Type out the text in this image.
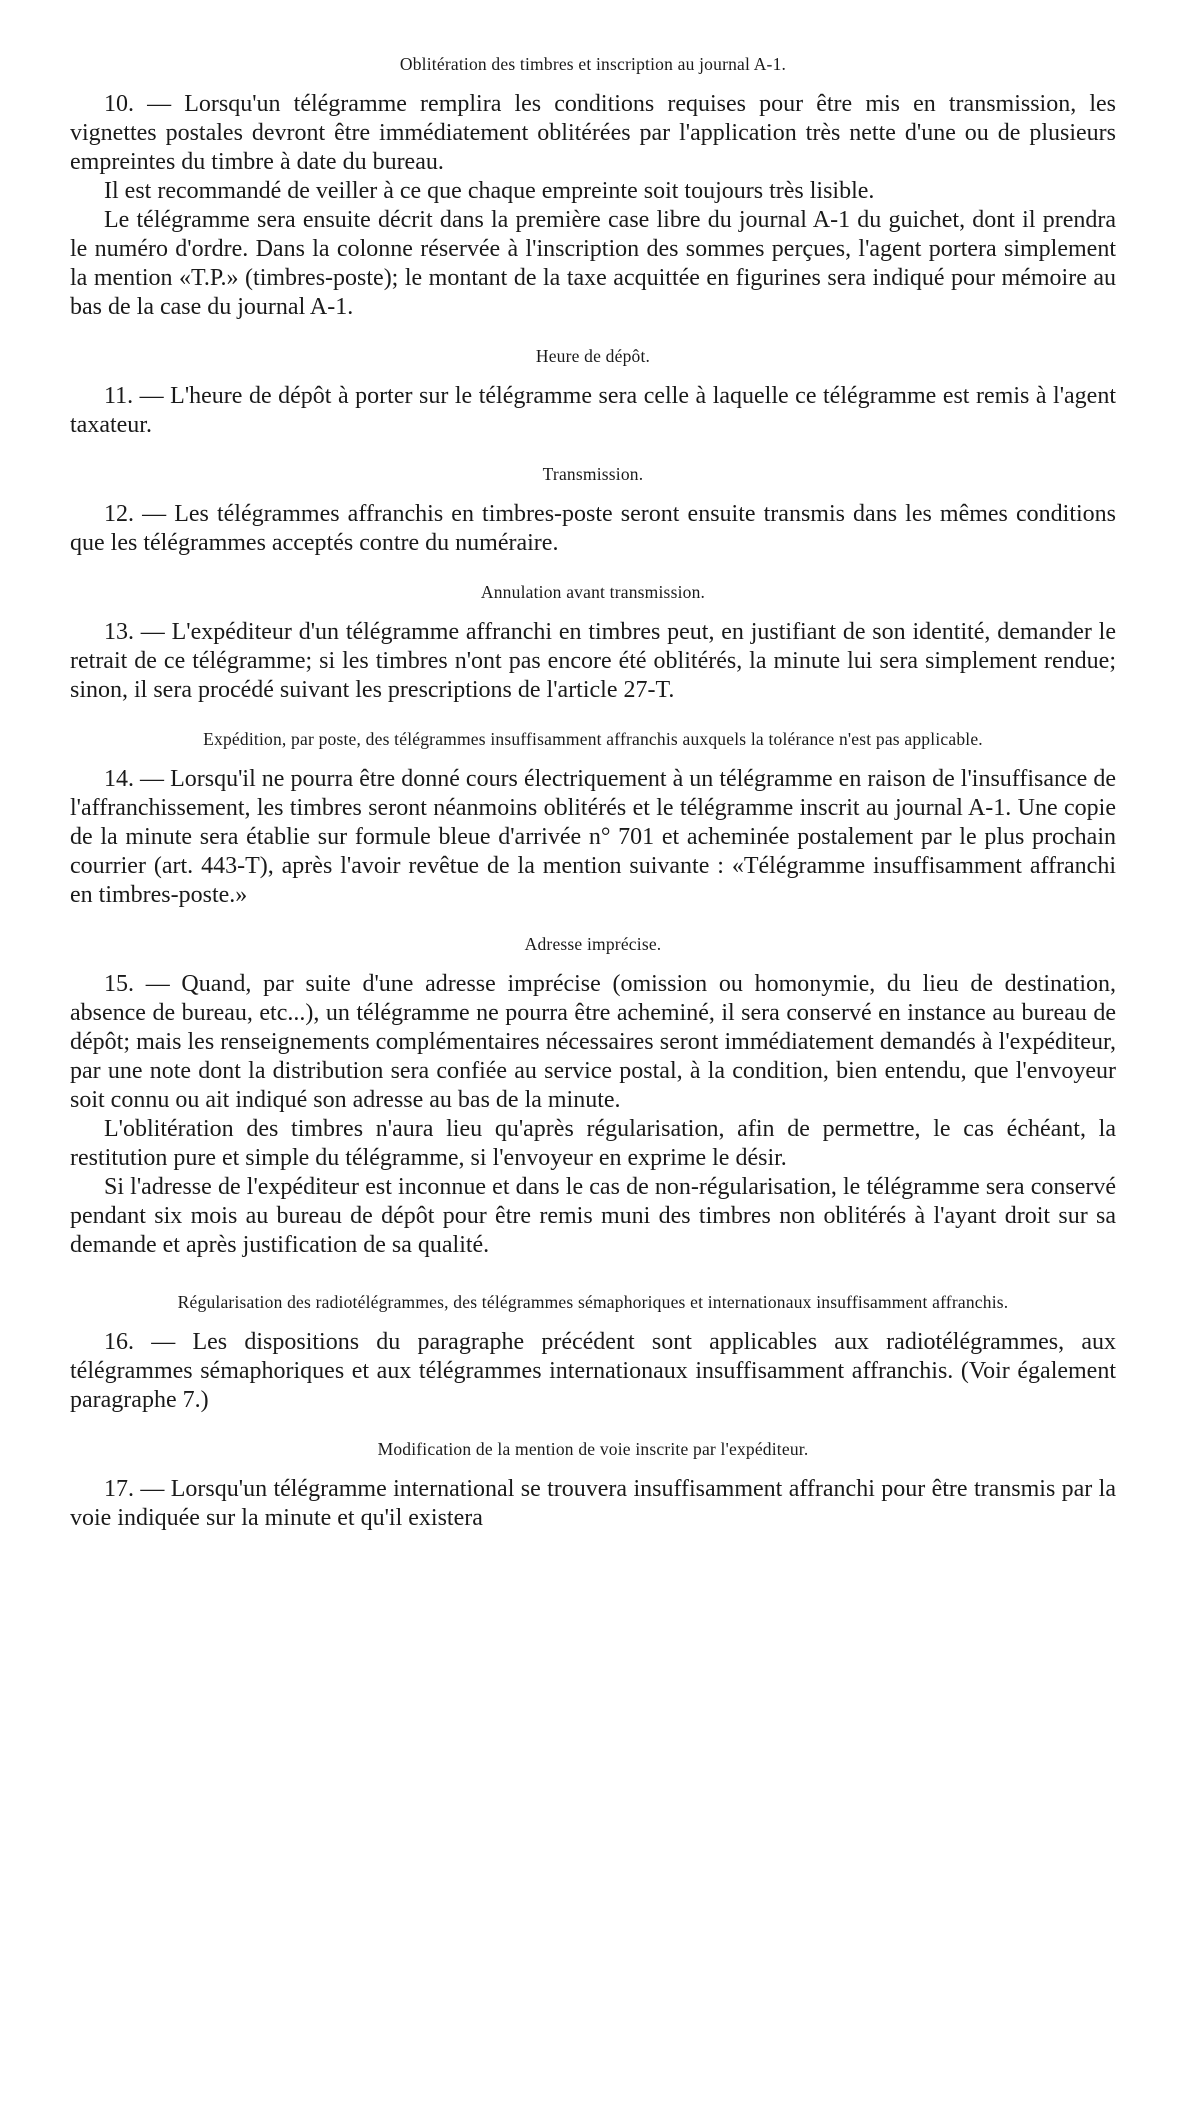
Oblitération des timbres et inscription au journal A-1.

10. — Lorsqu'un télégramme remplira les conditions requises pour être mis en transmission, les vignettes postales devront être immédiatement oblitérées par l'application très nette d'une ou de plusieurs empreintes du timbre à date du bureau.

Il est recommandé de veiller à ce que chaque empreinte soit toujours très lisible.

Le télégramme sera ensuite décrit dans la première case libre du journal A-1 du guichet, dont il prendra le numéro d'ordre. Dans la colonne réservée à l'inscription des sommes perçues, l'agent portera simplement la mention «T.P.» (timbres-poste); le montant de la taxe acquittée en figurines sera indiqué pour mémoire au bas de la case du journal A-1.

Heure de dépôt.

11. — L'heure de dépôt à porter sur le télégramme sera celle à laquelle ce télégramme est remis à l'agent taxateur.

Transmission.

12. — Les télégrammes affranchis en timbres-poste seront ensuite transmis dans les mêmes conditions que les télégrammes acceptés contre du numéraire.

Annulation avant transmission.

13. — L'expéditeur d'un télégramme affranchi en timbres peut, en justifiant de son identité, demander le retrait de ce télégramme; si les timbres n'ont pas encore été oblitérés, la minute lui sera simplement rendue; sinon, il sera procédé suivant les prescriptions de l'article 27-T.

Expédition, par poste, des télégrammes insuffisamment affranchis auxquels la tolérance n'est pas applicable.

14. — Lorsqu'il ne pourra être donné cours électriquement à un télégramme en raison de l'insuffisance de l'affranchissement, les timbres seront néanmoins oblitérés et le télégramme inscrit au journal A-1. Une copie de la minute sera établie sur formule bleue d'arrivée n° 701 et acheminée postalement par le plus prochain courrier (art. 443-T), après l'avoir revêtue de la mention suivante : «Télégramme insuffisamment affranchi en timbres-poste.»

Adresse imprécise.

15. — Quand, par suite d'une adresse imprécise (omission ou homonymie, du lieu de destination, absence de bureau, etc...), un télégramme ne pourra être acheminé, il sera conservé en instance au bureau de dépôt; mais les renseignements complémentaires nécessaires seront immédiatement demandés à l'expéditeur, par une note dont la distribution sera confiée au service postal, à la condition, bien entendu, que l'envoyeur soit connu ou ait indiqué son adresse au bas de la minute.

L'oblitération des timbres n'aura lieu qu'après régularisation, afin de permettre, le cas échéant, la restitution pure et simple du télégramme, si l'envoyeur en exprime le désir.

Si l'adresse de l'expéditeur est inconnue et dans le cas de non-régularisation, le télégramme sera conservé pendant six mois au bureau de dépôt pour être remis muni des timbres non oblitérés à l'ayant droit sur sa demande et après justification de sa qualité.

Régularisation des radiotélégrammes, des télégrammes sémaphoriques et internationaux insuffisamment affranchis.

16. — Les dispositions du paragraphe précédent sont applicables aux radiotélégrammes, aux télégrammes sémaphoriques et aux télégrammes internationaux insuffisamment affranchis. (Voir également paragraphe 7.)

Modification de la mention de voie inscrite par l'expéditeur.

17. — Lorsqu'un télégramme international se trouvera insuffisamment affranchi pour être transmis par la voie indiquée sur la minute et qu'il existera
